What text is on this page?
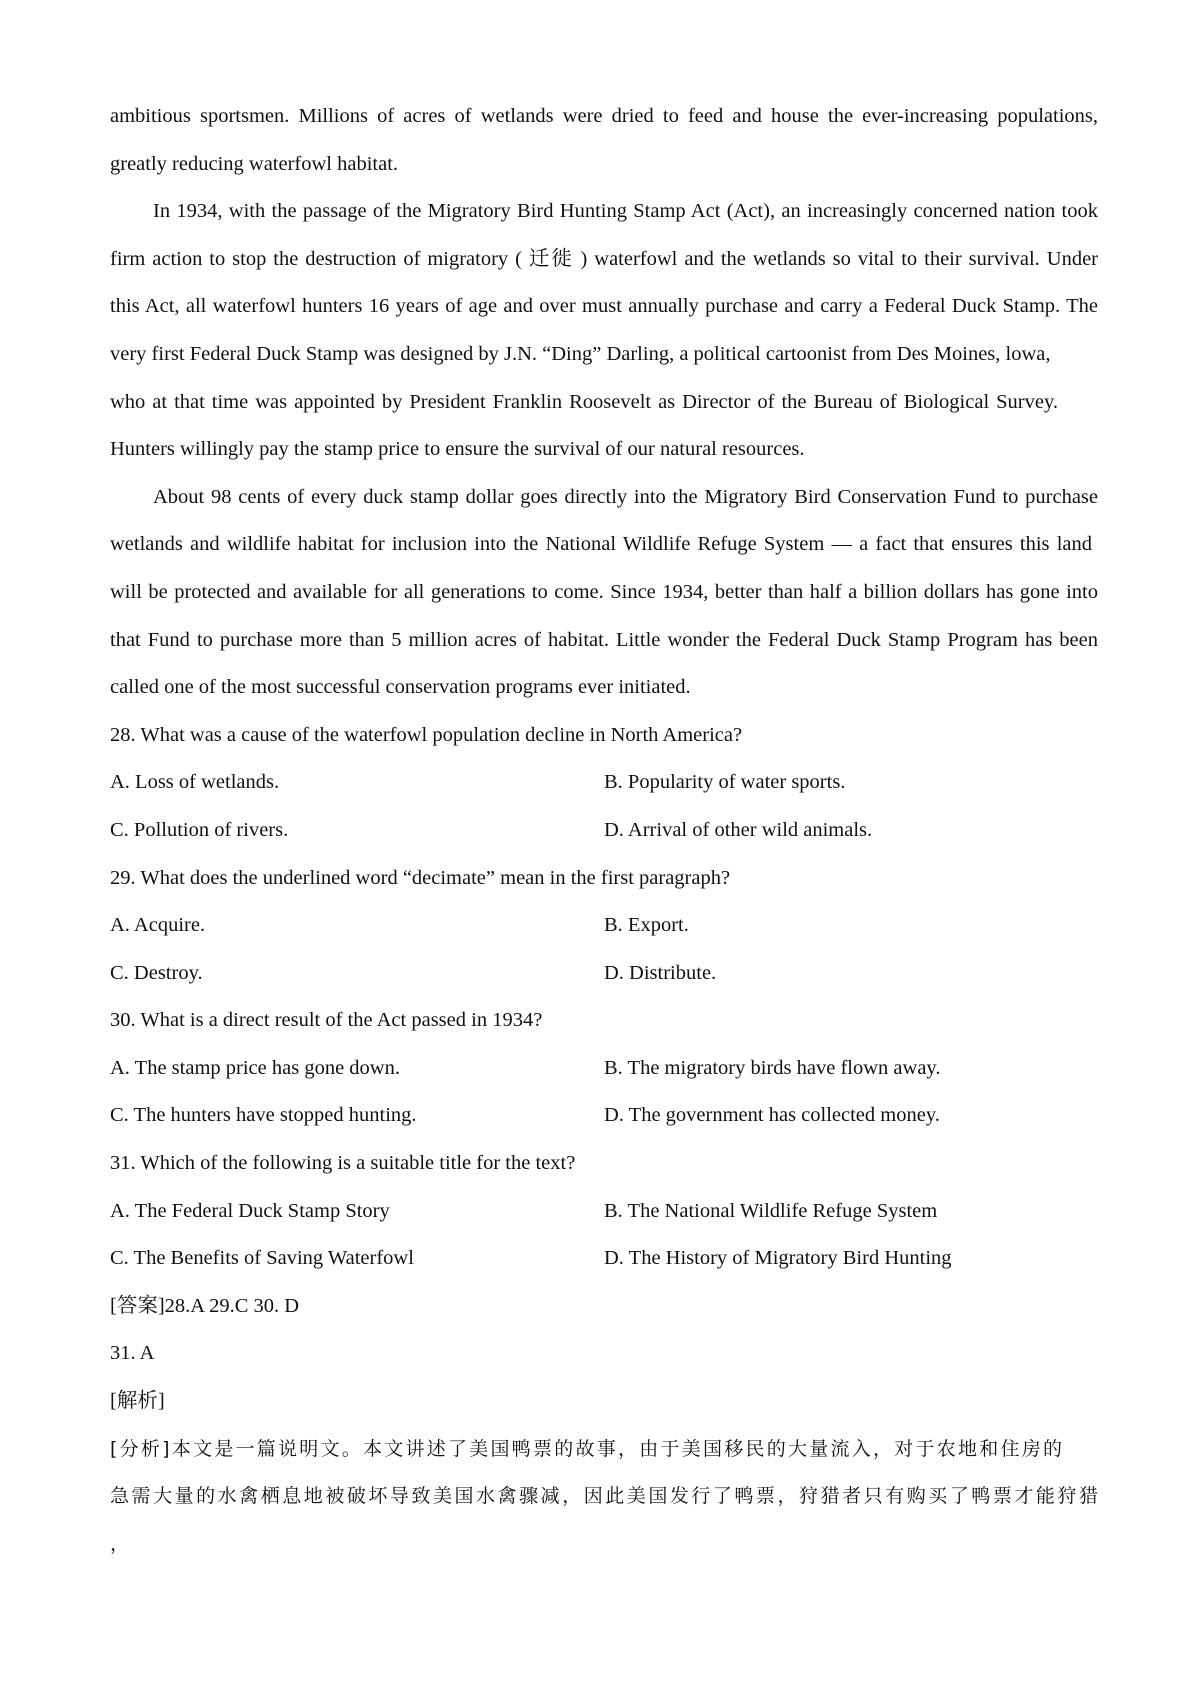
ambitious sportsmen. Millions of acres of wetlands were dried to feed and house the ever-increasing populations,
greatly reducing waterfowl habitat.
In 1934, with the passage of the Migratory Bird Hunting Stamp Act (Act), an increasingly concerned nation took
firm action to stop the destruction of migratory ( 迁徙 ) waterfowl and the wetlands so vital to their survival. Under
this Act, all waterfowl hunters 16 years of age and over must annually purchase and carry a Federal Duck Stamp. The
very first Federal Duck Stamp was designed by J.N. “Ding” Darling, a political cartoonist from Des Moines, lowa,
who at that time was appointed by President Franklin Roosevelt as Director of the Bureau of Biological Survey.
Hunters willingly pay the stamp price to ensure the survival of our natural resources.
About 98 cents of every duck stamp dollar goes directly into the Migratory Bird Conservation Fund to purchase
wetlands and wildlife habitat for inclusion into the National Wildlife Refuge System — a fact that ensures this land
will be protected and available for all generations to come. Since 1934, better than half a billion dollars has gone into
that Fund to purchase more than 5 million acres of habitat. Little wonder the Federal Duck Stamp Program has been
called one of the most successful conservation programs ever initiated.
28. What was a cause of the waterfowl population decline in North America?
A. Loss of wetlands.	B. Popularity of water sports.
C. Pollution of rivers.	D. Arrival of other wild animals.
29. What does the underlined word “decimate” mean in the first paragraph?
A. Acquire.	B. Export.
C. Destroy.	D. Distribute.
30. What is a direct result of the Act passed in 1934?
A. The stamp price has gone down.	B. The migratory birds have flown away.
C. The hunters have stopped hunting.	D. The government has collected money.
31. Which of the following is a suitable title for the text?
A. The Federal Duck Stamp Story	B. The National Wildlife Refuge System
C. The Benefits of Saving Waterfowl	D. The History of Migratory Bird Hunting
[答案]28.A 29.C 30. D
31. A
[解析]
[分析]本文是一篇说明文。本文讲述了美国鸭票的故事，由于美国移民的大量流入，对于农地和住房的
急需大量的水禽栖息地被破坏导致美国水禽骤减，因此美国发行了鸭票，狩猎者只有购买了鸭票才能狩猎
，
